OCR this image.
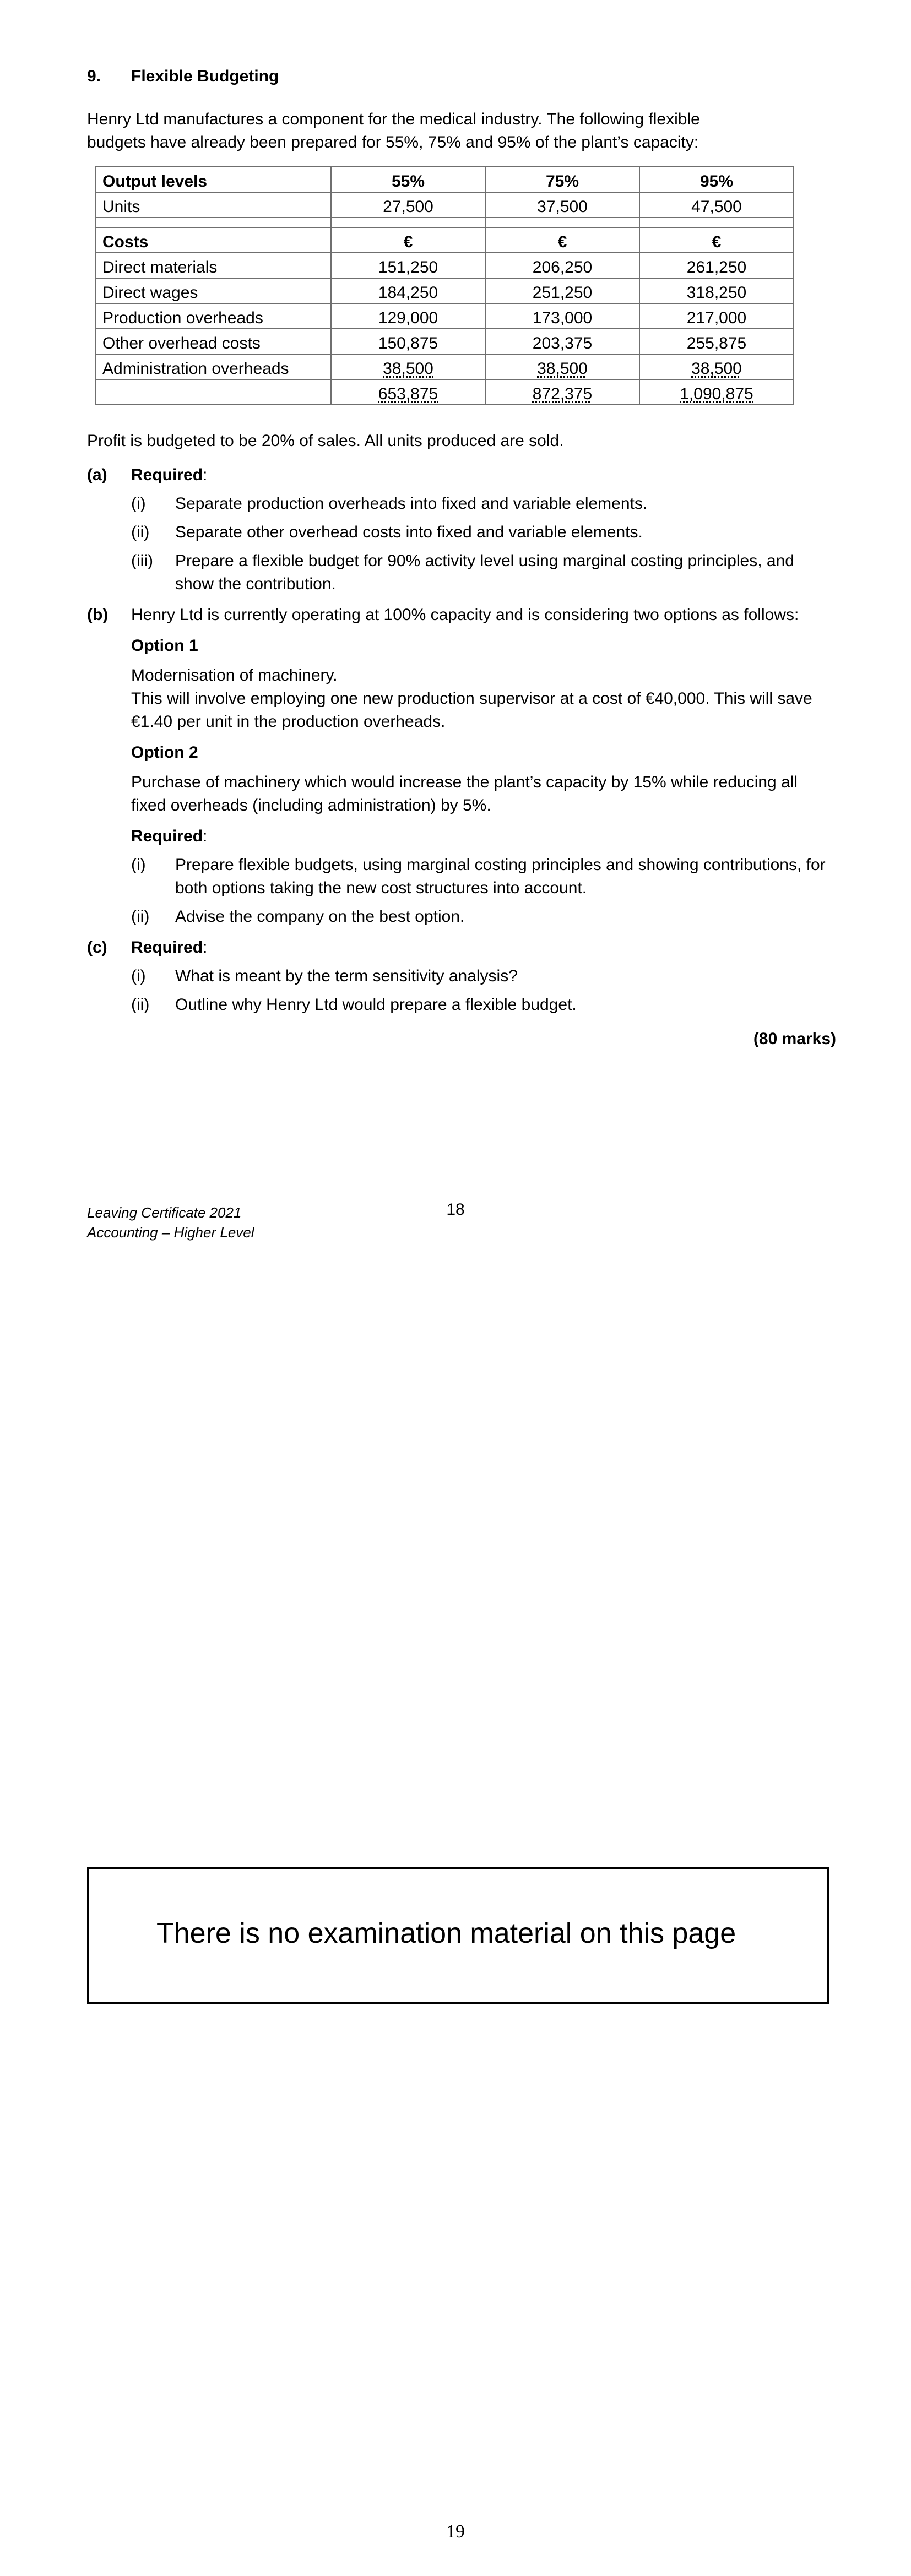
9.	Flexible Budgeting

Henry Ltd manufactures a component for the medical industry. The following flexible budgets have already been prepared for 55%, 75% and 95% of the plant’s capacity:

Output levels	55%	75%	95%
Units	27,500	37,500	47,500

Costs	€	€	€
Direct materials	151,250	206,250	261,250
Direct wages	184,250	251,250	318,250
Production overheads	129,000	173,000	217,000
Other overhead costs	150,875	203,375	255,875
Administration overheads	38,500	38,500	38,500
	653,875	872,375	1,090,875

Profit is budgeted to be 20% of sales. All units produced are sold.

(a)	Required:
(i)	Separate production overheads into fixed and variable elements.
(ii)	Separate other overhead costs into fixed and variable elements.
(iii)	Prepare a flexible budget for 90% activity level using marginal costing principles, and show the contribution.
(b)	Henry Ltd is currently operating at 100% capacity and is considering two options as follows:
Option 1
Modernisation of machinery.
This will involve employing one new production supervisor at a cost of €40,000. This will save €1.40 per unit in the production overheads.
Option 2
Purchase of machinery which would increase the plant’s capacity by 15% while reducing all fixed overheads (including administration) by 5%.
Required:
(i)	Prepare flexible budgets, using marginal costing principles and showing contributions, for both options taking the new cost structures into account.
(ii)	Advise the company on the best option.
(c)	Required:
(i)	What is meant by the term sensitivity analysis?
(ii)	Outline why Henry Ltd would prepare a flexible budget.
(80 marks)
Leaving Certificate 2021
Accounting – Higher Level
18
There is no examination material on this page
19
